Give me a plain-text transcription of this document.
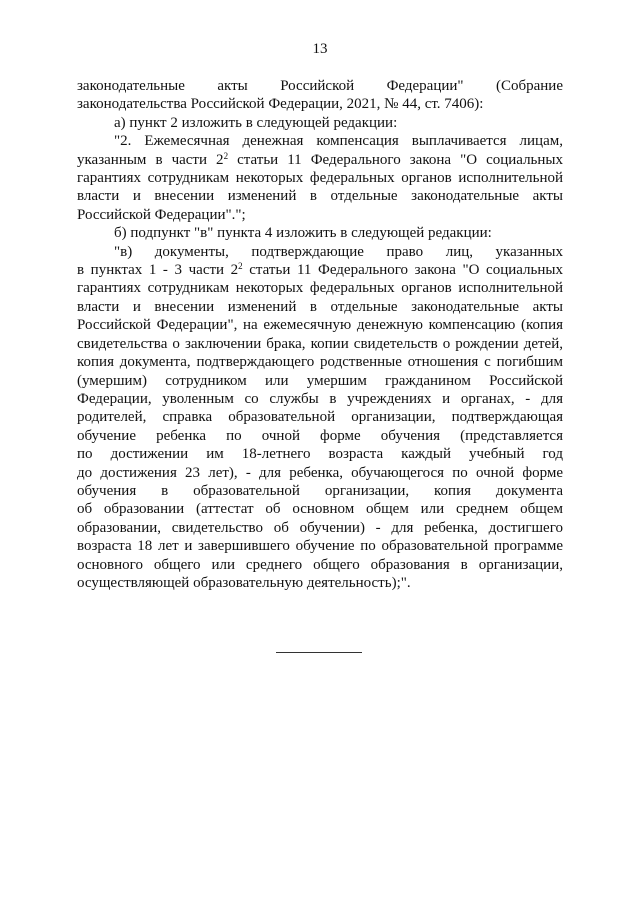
13

законодательные акты Российской Федерации" (Собрание

законодательства Российской Федерации, 2021, № 44, ст. 7406):

а) пункт 2 изложить в следующей редакции:

"2. Ежемесячная денежная компенсация выплачивается лицам,

указанным в части $2^2$ статьи 11 Федерального закона "О социальных

гарантиях сотрудникам некоторых федеральных органов исполнительной

власти и внесении изменений в отдельные законодательные акты

Российской Федерации".";

б) подпункт "в" пункта 4 изложить в следующей редакции:

"в) документы, подтверждающие право лиц, указанных

в пунктах 1 - 3 части $2^2$ статьи 11 Федерального закона "О социальных

гарантиях сотрудникам некоторых федеральных органов исполнительной

власти и внесении изменений в отдельные законодательные акты

Российской Федерации", на ежемесячную денежную компенсацию (копия

свидетельства о заключении брака, копии свидетельств о рождении детей,

копия документа, подтверждающего родственные отношения с погибшим

(умершим) сотрудником или умершим гражданином Российской

Федерации, уволенным со службы в учреждениях и органах, - для

родителей, справка образовательной организации, подтверждающая

обучение ребенка по очной форме обучения (представляется

по достижении им 18-летнего возраста каждый учебный год

до достижения 23 лет), - для ребенка, обучающегося по очной форме

обучения в образовательной организации, копия документа

об образовании (аттестат об основном общем или среднем общем

образовании, свидетельство об обучении) - для ребенка, достигшего

возраста 18 лет и завершившего обучение по образовательной программе

основного общего или среднего общего образования в организации,

осуществляющей образовательную деятельность);".
